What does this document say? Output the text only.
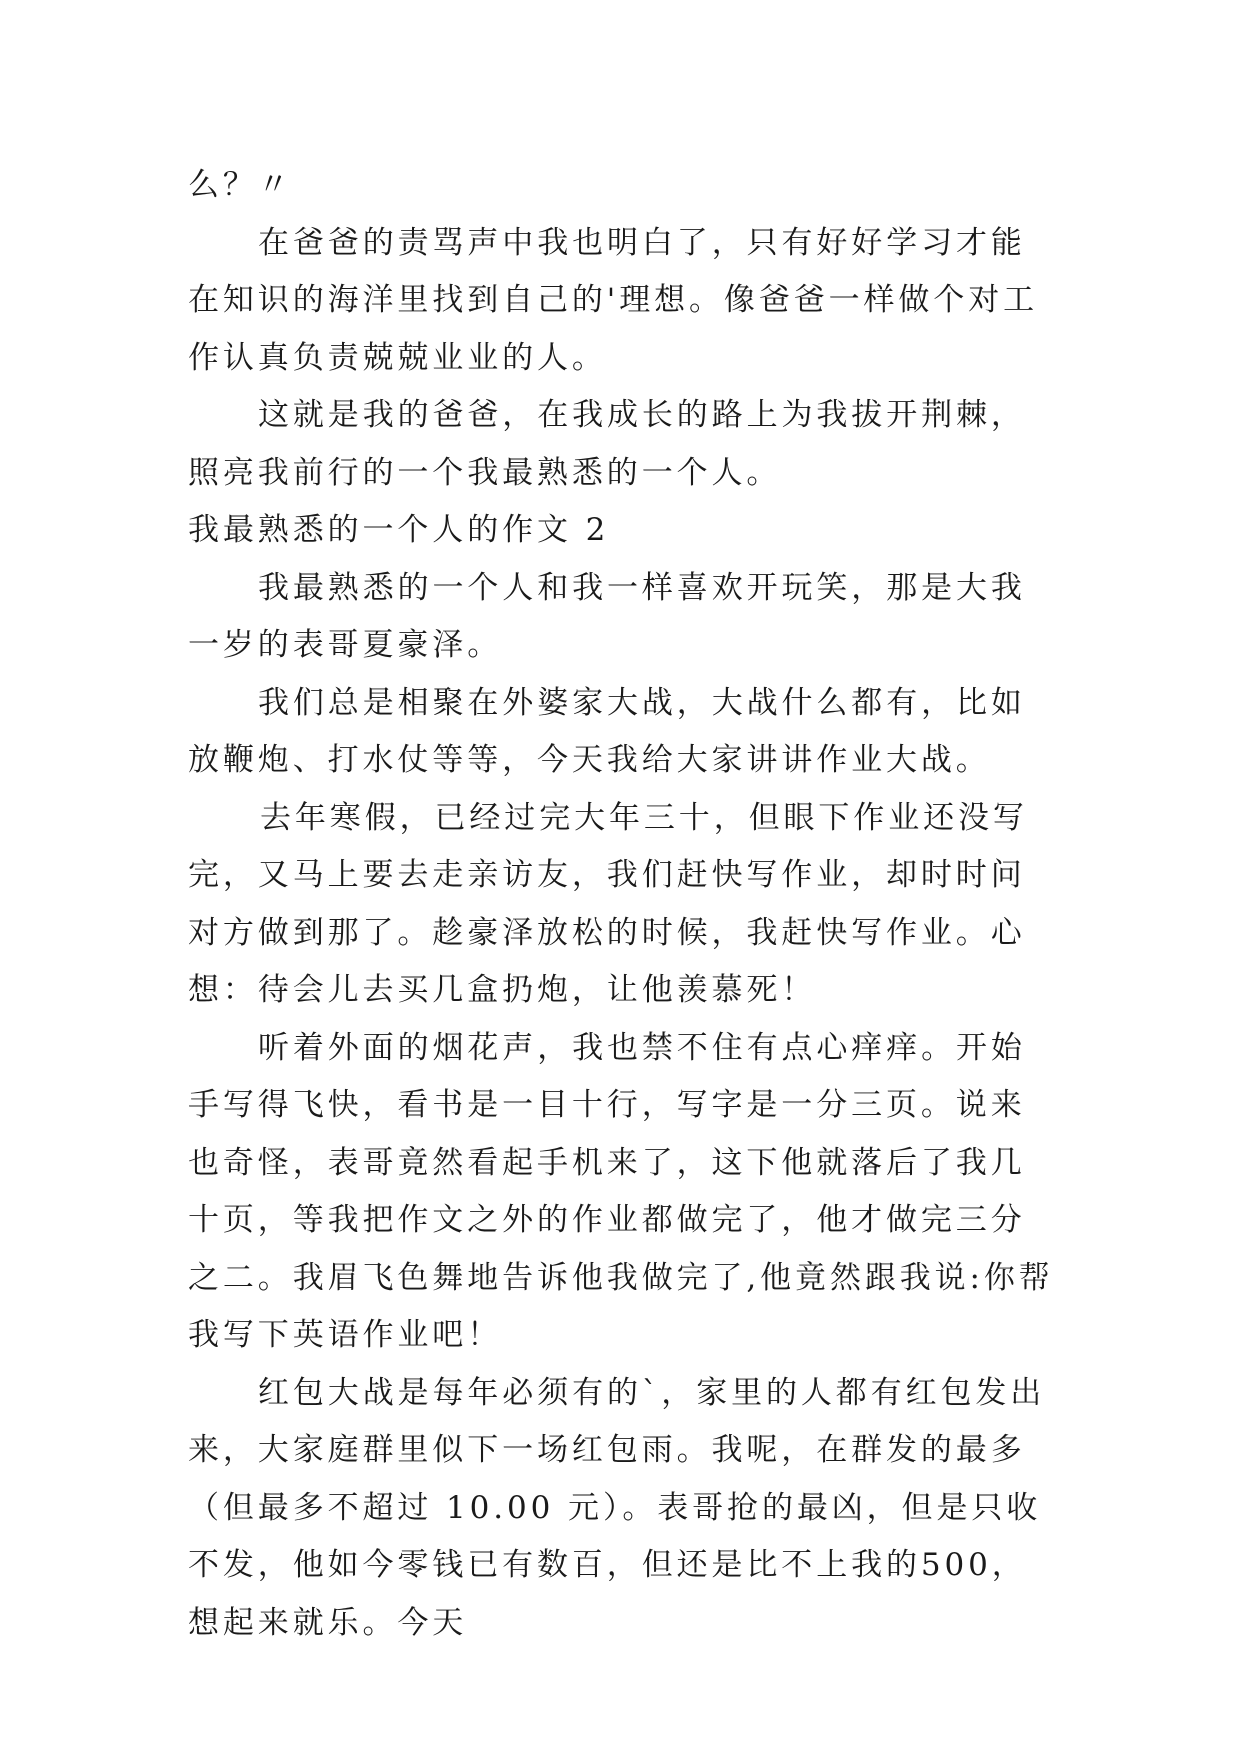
么？〃

在爸爸的责骂声中我也明白了，只有好好学习才能在知识的海洋里找到自己的'理想。像爸爸一样做个对工作认真负责兢兢业业的人。

这就是我的爸爸，在我成长的路上为我拔开荆棘，照亮我前行的一个我最熟悉的一个人。

我最熟悉的一个人的作文 2

我最熟悉的一个人和我一样喜欢开玩笑，那是大我一岁的表哥夏豪泽。

我们总是相聚在外婆家大战，大战什么都有，比如放鞭炮、打水仗等等，今天我给大家讲讲作业大战。

去年寒假，已经过完大年三十，但眼下作业还没写完，又马上要去走亲访友，我们赶快写作业，却时时问对方做到那了。趁豪泽放松的时候，我赶快写作业。心想：待会儿去买几盒扔炮，让他羡慕死！

听着外面的烟花声，我也禁不住有点心痒痒。开始手写得飞快，看书是一目十行，写字是一分三页。说来也奇怪，表哥竟然看起手机来了，这下他就落后了我几十页，等我把作文之外的作业都做完了，他才做完三分之二。我眉飞色舞地告诉他我做完了,他竟然跟我说:你帮我写下英语作业吧！

红包大战是每年必须有的`，家里的人都有红包发出来，大家庭群里似下一场红包雨。我呢，在群发的最多（但最多不超过 10.00 元）。表哥抢的最凶，但是只收不发，他如今零钱已有数百，但还是比不上我的500，想起来就乐。今天
